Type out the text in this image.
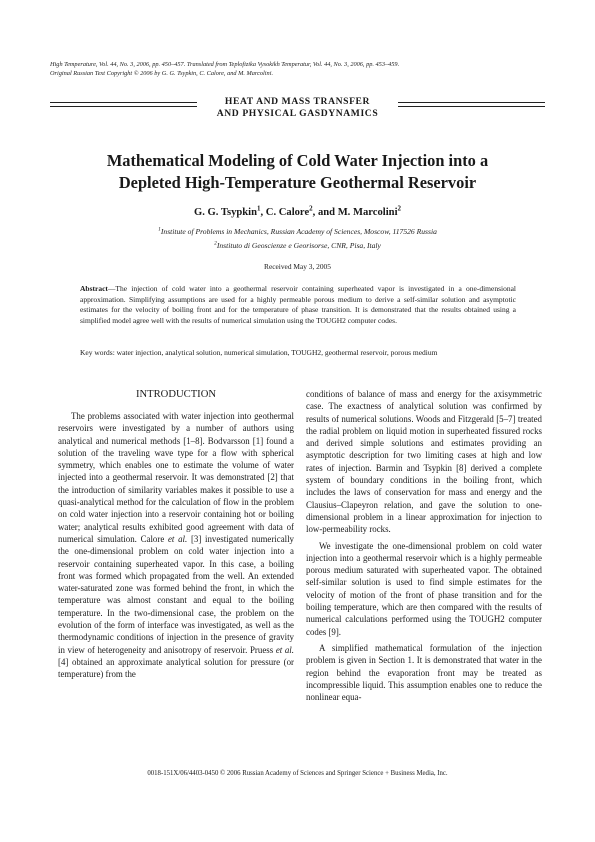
High Temperature, Vol. 44, No. 3, 2006, pp. 450–457. Translated from Teplofizika Vysokikh Temperatur, Vol. 44, No. 3, 2006, pp. 453–459.
Original Russian Text Copyright © 2006 by G. G. Tsypkin, C. Calore, and M. Marcolini.
HEAT AND MASS TRANSFER
AND PHYSICAL GASDYNAMICS
Mathematical Modeling of Cold Water Injection into a
Depleted High-Temperature Geothermal Reservoir
G. G. Tsypkin$^1$, C. Calore$^2$, and M. Marcolini$^2$
$^1$Institute of Problems in Mechanics, Russian Academy of Sciences, Moscow, 117526 Russia
$^2$Instituto di Geoscienze e Georisorse, CNR, Pisa, Italy
Received May 3, 2005
Abstract—The injection of cold water into a geothermal reservoir containing superheated vapor is investigated in a one-dimensional approximation. Simplifying assumptions are used for a highly permeable porous medium to derive a self-similar solution and asymptotic estimates for the velocity of boiling front and for the temperature of phase transition. It is demonstrated that the results obtained using a simplified model agree well with the results of numerical simulation using the TOUGH2 computer codes.
Key words: water injection, analytical solution, numerical simulation, TOUGH2, geothermal reservoir, porous medium
INTRODUCTION

The problems associated with water injection into geothermal reservoirs were investigated by a number of authors using analytical and numerical methods [1–8]. Bodvarsson [1] found a solution of the traveling wave type for a flow with spherical symmetry, which enables one to estimate the volume of water injected into a geothermal reservoir. It was demonstrated [2] that the introduction of similarity variables makes it possible to use a quasi-analytical method for the calculation of flow in the problem on cold water injection into a reservoir containing hot or boiling water; analytical results exhibited good agreement with data of numerical simulation. Calore et al. [3] investigated numerically the one-dimensional problem on cold water injection into a reservoir containing superheated vapor. In this case, a boiling front was formed which propagated from the well. An extended water-saturated zone was formed behind the front, in which the temperature was almost constant and equal to the boiling temperature. In the two-dimensional case, the problem on the evolution of the form of interface was investigated, as well as the thermodynamic conditions of injection in the presence of gravity in view of heterogeneity and anisotropy of reservoir. Pruess et al. [4] obtained an approximate analytical solution for pressure (or temperature) from the

conditions of balance of mass and energy for the axisymmetric case. The exactness of analytical solution was confirmed by results of numerical solutions. Woods and Fitzgerald [5–7] treated the radial problem on liquid motion in superheated fissured rocks and derived simple solutions and estimates providing an asymptotic description for two limiting cases at high and low rates of injection. Barmin and Tsypkin [8] derived a complete system of boundary conditions in the boiling front, which includes the laws of conservation for mass and energy and the Clausius–Clapeyron relation, and gave the solution to one-dimensional problem in a linear approximation for injection to low-permeability rocks.

We investigate the one-dimensional problem on cold water injection into a geothermal reservoir which is a highly permeable porous medium saturated with superheated vapor. The obtained self-similar solution is used to find simple estimates for the velocity of motion of the front of phase transition and for the boiling temperature, which are then compared with the results of numerical calculations performed using the TOUGH2 computer codes [9].

A simplified mathematical formulation of the injection problem is given in Section 1. It is demonstrated that water in the region behind the evaporation front may be treated as incompressible liquid. This assumption enables one to reduce the nonlinear equa-

0018-151X/06/4403-0450 © 2006 Russian Academy of Sciences and Springer Science + Business Media, Inc.
